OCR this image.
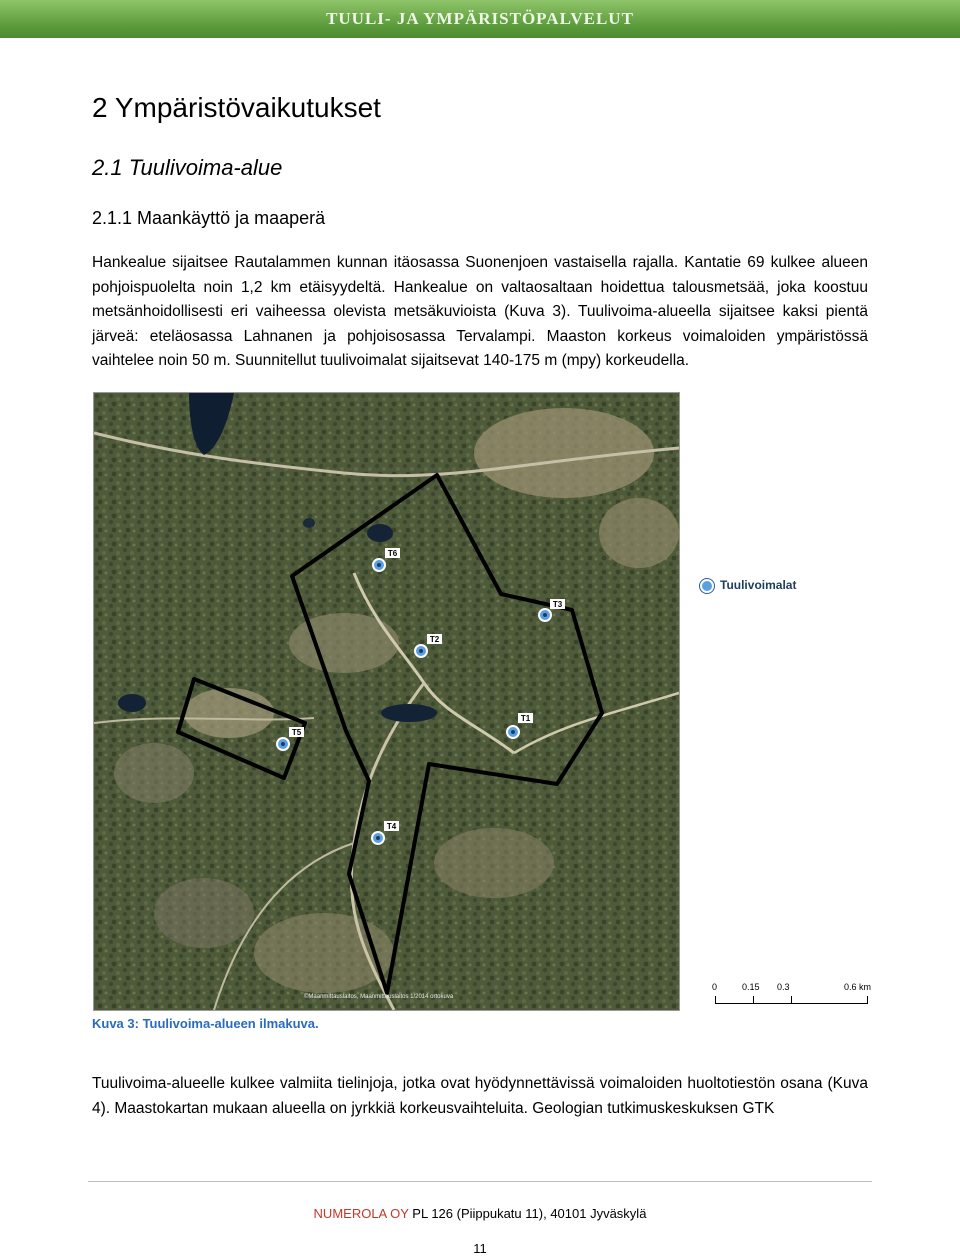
TUULI- JA YMPÄRISTÖPALVELUT
2 Ympäristövaikutukset
2.1 Tuulivoima-alue
2.1.1 Maankäyttö ja maaperä

Hankealue sijaitsee Rautalammen kunnan itäosassa Suonenjoen vastaisella rajalla. Kantatie 69 kulkee alueen pohjoispuolelta noin 1,2 km etäisyydeltä. Hankealue on valtaosaltaan hoidettua talousmetsää, joka koostuu metsänhoidollisesti eri vaiheessa olevista metsäkuvioista (Kuva 3). Tuulivoima-alueella sijaitsee kaksi pientä järveä: eteläosassa Lahnanen ja pohjoisosassa Tervalampi. Maaston korkeus voimaloiden ympäristössä vaihtelee noin 50 m. Suunnitellut tuulivoimalat sijaitsevat 140-175 m (mpy) korkeudella.

T1
T2
T3
T4
T5
T6
©Maanmittauslaitos, Maanmittauslaitos 1/2014 ortokuva
Tuulivoimalat
0	0.15 0.3	0.6 km
Kuva 3: Tuulivoima-alueen ilmakuva.

Tuulivoima-alueelle kulkee valmiita tielinjoja, jotka ovat hyödynnettävissä voimaloiden huoltotiestön osana (Kuva 4). Maastokartan mukaan alueella on jyrkkiä korkeusvaihteluita. Geologian tutkimuskeskuksen GTK

NUMEROLA OY PL 126 (Piippukatu 11), 40101 Jyväskylä
11
